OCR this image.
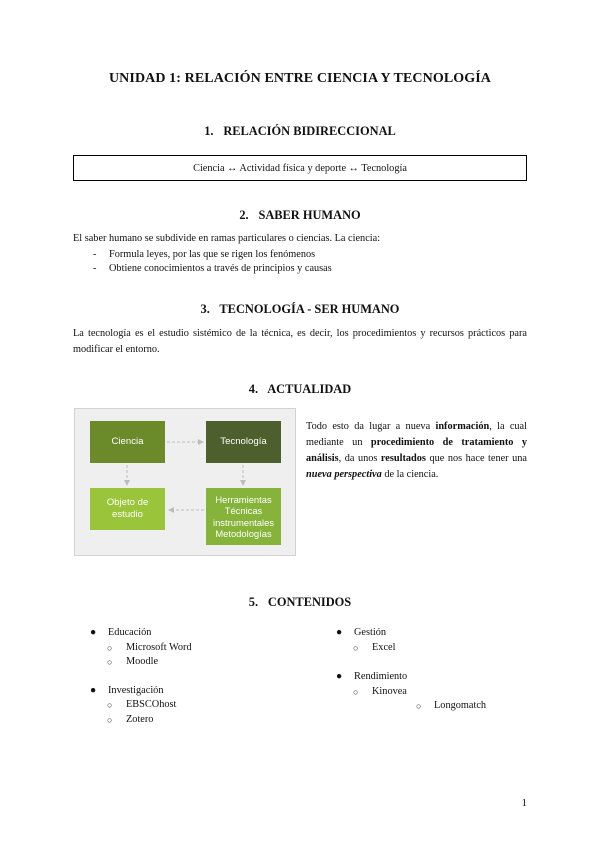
UNIDAD 1: RELACIÓN ENTRE CIENCIA Y TECNOLOGÍA
1. RELACIÓN BIDIRECCIONAL
Ciencia ↔ Actividad física y deporte ↔ Tecnología
2. SABER HUMANO

El saber humano se subdivide en ramas particulares o ciencias. La ciencia:

- Formula leyes, por las que se rigen los fenómenos
- Obtiene conocimientos a través de principios y causas
3. TECNOLOGÍA - SER HUMANO

La tecnología es el estudio sistémico de la técnica, es decir, los procedimientos y recursos prácticos para modificar el entorno.

4. ACTUALIDAD
Ciencia	Tecnología
Objeto de
estudio
Herramientas
Técnicas
instrumentales
Metodologías

Todo esto da lugar a nueva información, la cual mediante un procedimiento de tratamiento y análisis, da unos resultados que nos hace tener una nueva perspectiva de la ciencia.

5. CONTENIDOS
● Educación
○ Microsoft Word
○ Moodle
● Investigación
○ EBSCOhost
○ Zotero
● Gestión
○ Excel
● Rendimiento
○ Kinovea
○ Longomatch
1
